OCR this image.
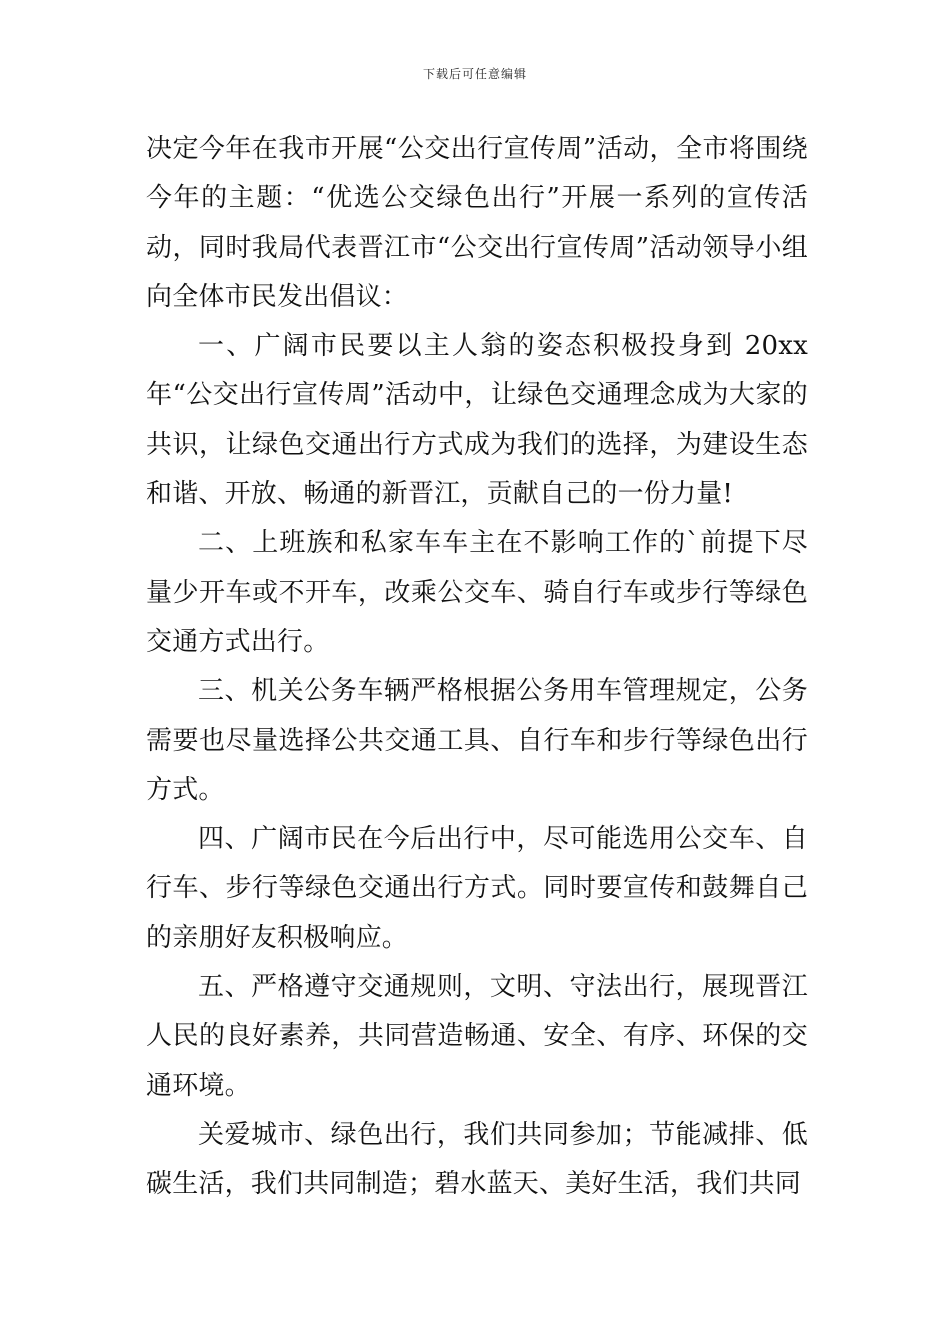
下载后可任意编辑

决定今年在我市开展“公交出行宣传周”活动，全市将围绕今年的主题：“优选公交绿色出行”开展一系列的宣传活动，同时我局代表晋江市“公交出行宣传周”活动领导小组向全体市民发出倡议：

一、广阔市民要以主人翁的姿态积极投身到 20xx 年“公交出行宣传周”活动中，让绿色交通理念成为大家的共识，让绿色交通出行方式成为我们的选择，为建设生态和谐、开放、畅通的新晋江，贡献自己的一份力量!

二、上班族和私家车车主在不影响工作的`前提下尽量少开车或不开车，改乘公交车、骑自行车或步行等绿色交通方式出行。

三、机关公务车辆严格根据公务用车管理规定，公务需要也尽量选择公共交通工具、自行车和步行等绿色出行方式。

四、广阔市民在今后出行中，尽可能选用公交车、自行车、步行等绿色交通出行方式。同时要宣传和鼓舞自己的亲朋好友积极响应。

五、严格遵守交通规则，文明、守法出行，展现晋江人民的良好素养，共同营造畅通、安全、有序、环保的交通环境。

关爱城市、绿色出行，我们共同参加；节能减排、低碳生活，我们共同制造；碧水蓝天、美好生活，我们共同
